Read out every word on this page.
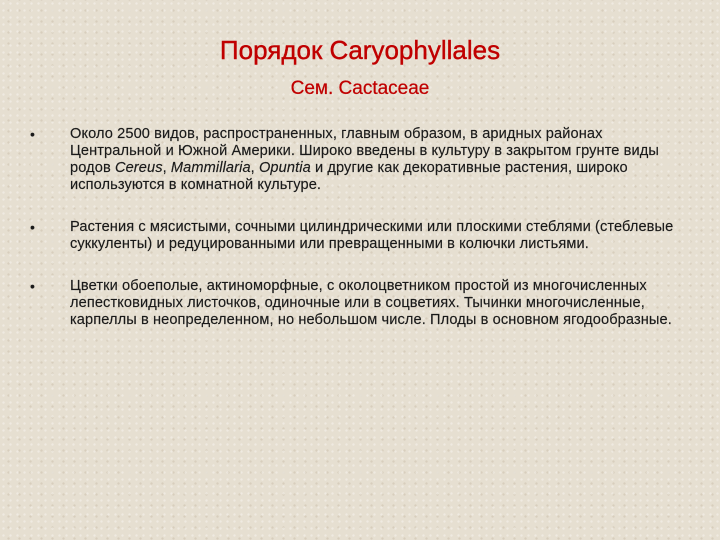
Порядок Caryophyllales
Сем. Cactaceae
• Около 2500 видов, распространенных, главным образом, в аридных районах Центральной и Южной Америки. Широко введены в культуру в закрытом грунте виды родов Cereus, Mammillaria, Opuntia и другие как декоративные растения, широко используются в комнатной культуре.
• Растения с мясистыми, сочными цилиндрическими или плоскими стеблями (стеблевые суккуленты) и редуцированными или превращенными в колючки листьями.
• Цветки обоеполые, актиноморфные, с околоцветником простой из многочисленных лепестковидных листочков, одиночные или в соцветиях. Тычинки многочисленные, карпеллы в неопределенном, но небольшом числе. Плоды в основном ягодообразные.
